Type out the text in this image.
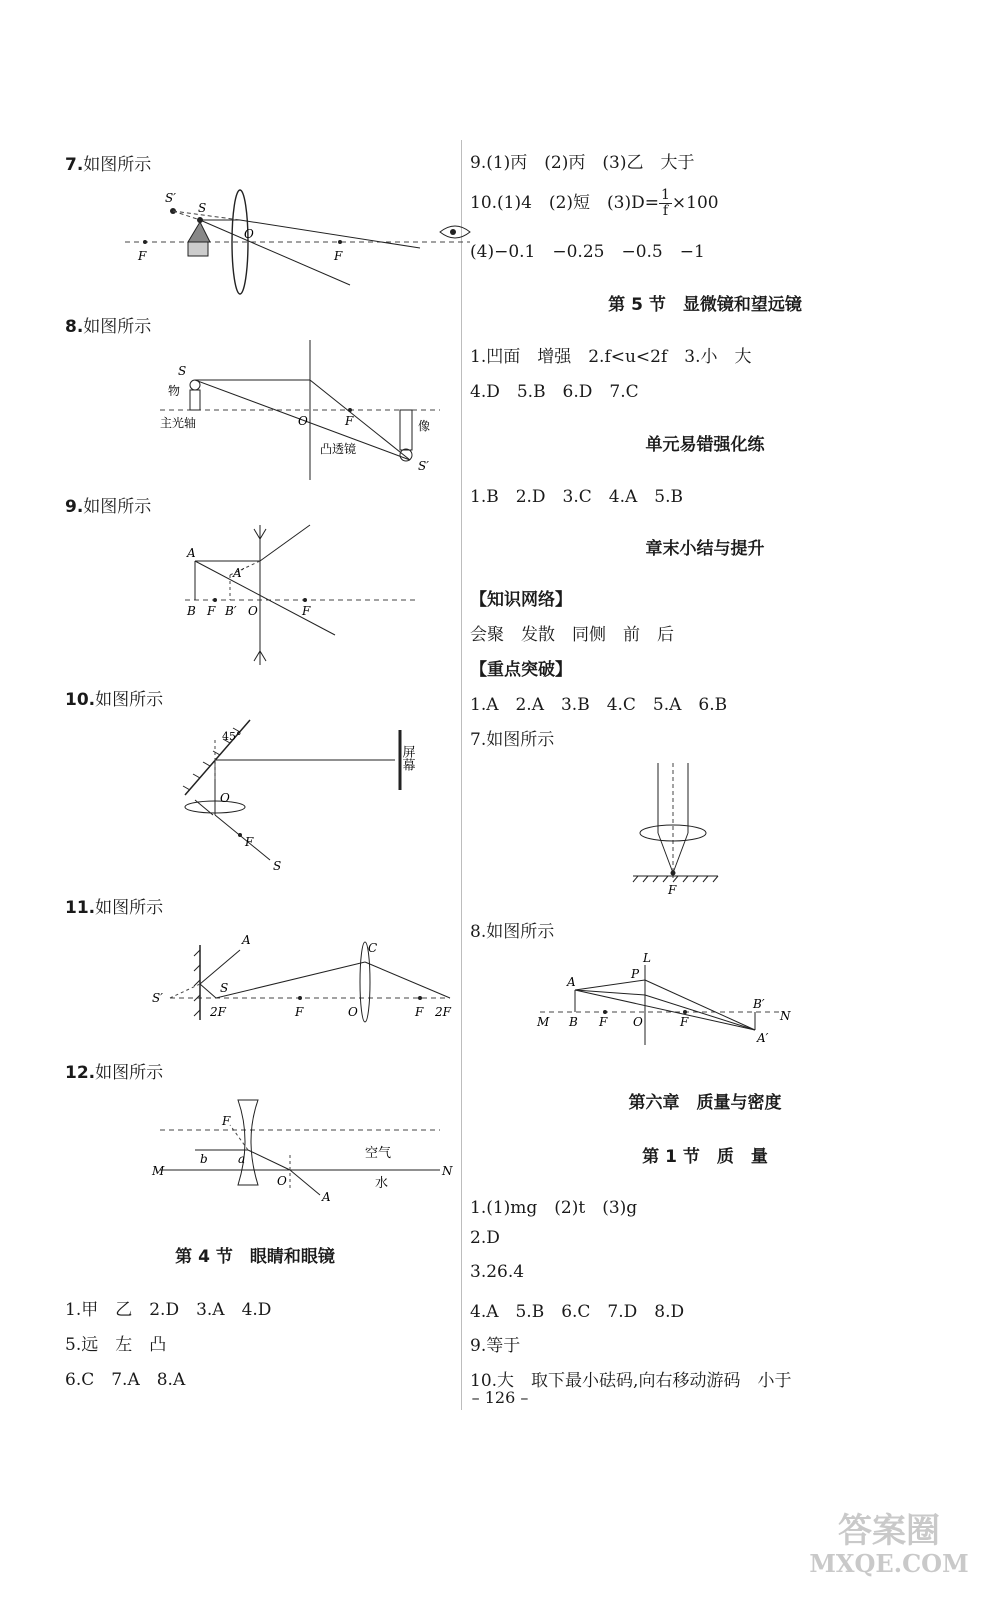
7.如图所示
S′
S
O
F	F
8.如图所示
S
物
O	F
主光轴
凸透镜
像
S′
9.如图所示
A
A′
B F B′ O	F
10.如图所示
45°
屏幕
O
F
S
11.如图所示
A
C
S
S′
2F	F	O	F 2F
12.如图所示
F
b	a
M
O
A
空气
水
N
第 4 节　眼睛和眼镜
1.甲　乙　2.D　3.A　4.D
5.远　左　凸
6.C　7.A　8.A
9.(1)丙　(2)丙　(3)乙　大于
10.(1)4　(2)短　$(3)D= \frac{1}{f} \times 100$
(4)−0.1　−0.25　−0.5　−1
第 5 节　显微镜和望远镜
1.凹面　增强　2.f<u<2f　3.小　大
4.D　5.B　6.D　7.C
单元易错强化练
1.B　2.D　3.C　4.A　5.B
章末小结与提升
【知识网络】
会聚　发散　同侧　前　后
【重点突破】
1.A　2.A　3.B　4.C　5.A　6.B
7.如图所示
F
8.如图所示
L
P
A
B F O	F
M
B′
A′
N
第六章　质量与密度
第 1 节　质　量
1.(1)mg　(2)t　(3)g
2.D
3.26.4
4.A　5.B　6.C　7.D　8.D
9.等于
10.大　取下最小砝码,向右移动游码　小于
– 126 –
答案圈
MXQE.COM
